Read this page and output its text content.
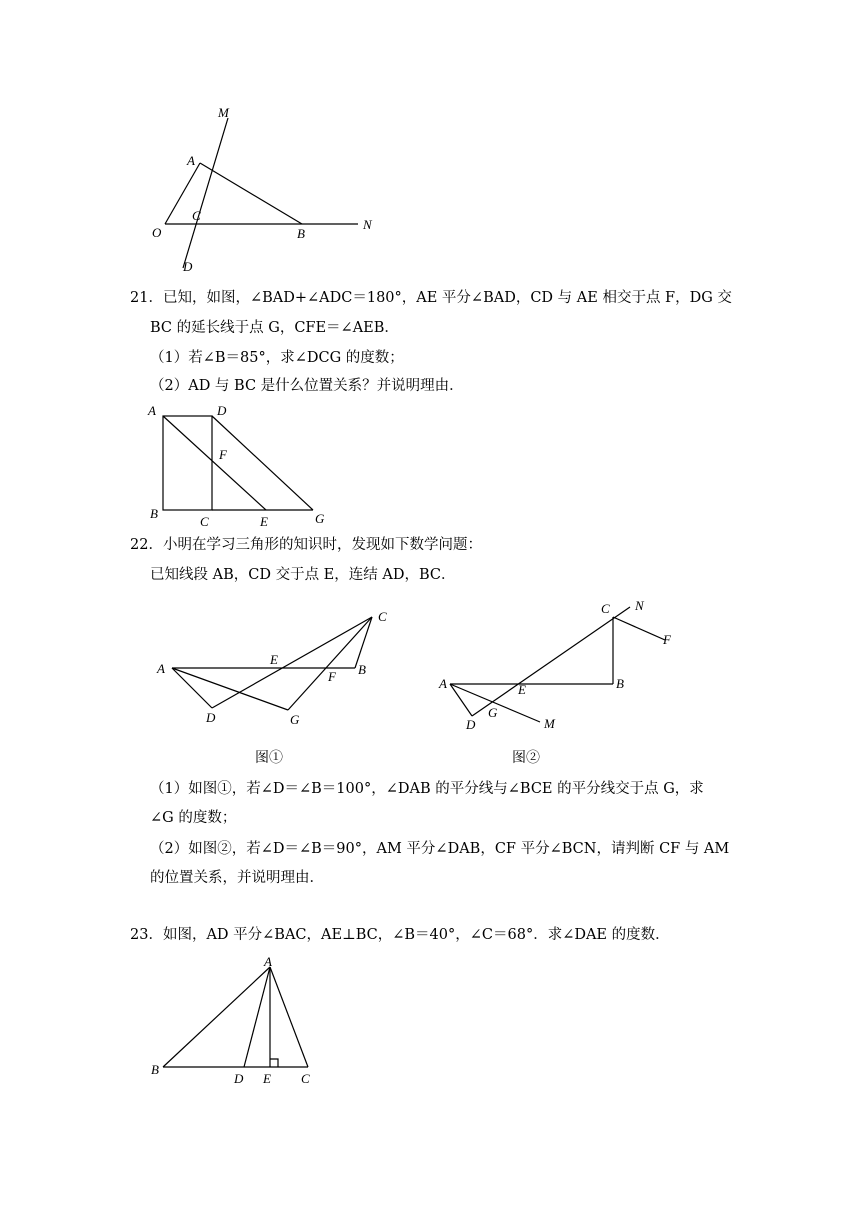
M
A
C
O	B
N
D
21．已知，如图，∠BAD+∠ADC＝180°，AE 平分∠BAD，CD 与 AE 相交于点 F，DG 交
BC 的延长线于点 G，CFE＝∠AEB．
（1）若∠B＝85°，求∠DCG 的度数；
（2）AD 与 BC 是什么位置关系？并说明理由．
A	D
F
B
C	E	G
22．小明在学习三角形的知识时，发现如下数学问题：
已知线段 AB，CD 交于点 E，连结 AD，BC．
A
E
B
C
F
D	G
图①
C N
F
A	E	B
D
G
M
图②
（1）如图①，若∠D＝∠B＝100°，∠DAB 的平分线与∠BCE 的平分线交于点 G，求
∠G 的度数；
（2）如图②，若∠D＝∠B＝90°，AM 平分∠DAB，CF 平分∠BCN，请判断 CF 与 AM
的位置关系，并说明理由．
23．如图，AD 平分∠BAC，AE⊥BC，∠B＝40°，∠C＝68°．求∠DAE 的度数．
A
B
D E C
